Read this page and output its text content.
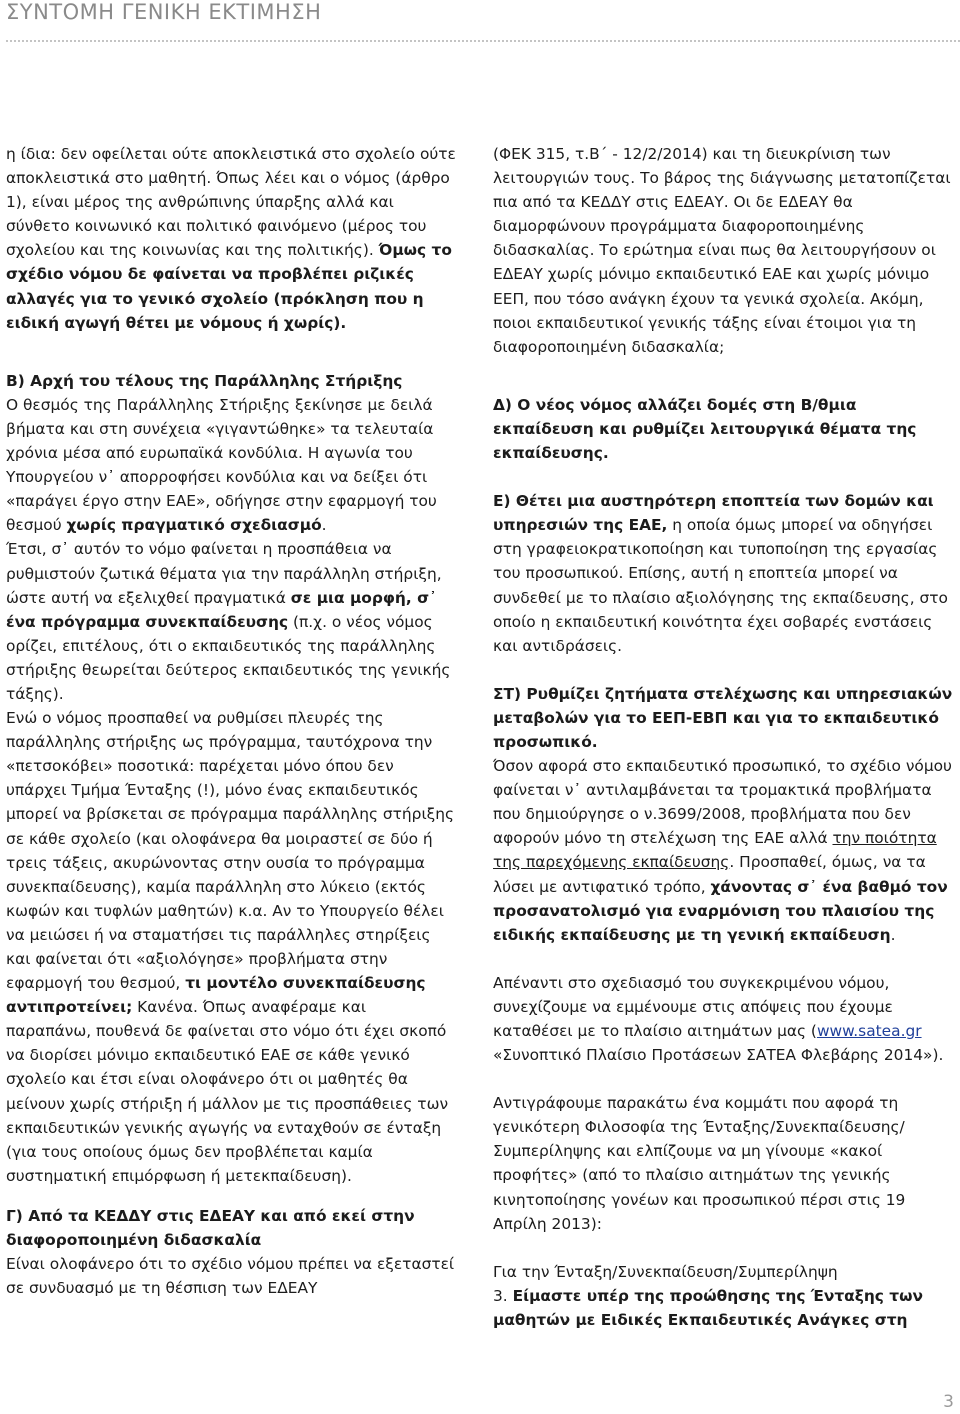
ΣΥΝΤΟΜΗ ΓΕΝΙΚΗ ΕΚΤΙΜΗΣΗ

η ίδια: δεν οφείλεται ούτε αποκλειστικά στο σχολείο ούτε αποκλειστικά στο μαθητή. Όπως λέει και ο νόμος (άρθρο 1), είναι μέρος της ανθρώπινης ύπαρξης αλλά και σύνθετο κοινωνικό και πολιτικό φαινόμενο (μέρος του σχολείου και της κοινωνίας και της πολιτικής). Όμως το σχέδιο νόμου δε φαίνεται να προβλέπει ριζικές αλλαγές για το γενικό σχολείο (πρόκληση που η ειδική αγωγή θέτει με νόμους ή χωρίς).

Β) Αρχή του τέλους της Παράλληλης Στήριξης

Ο θεσμός της Παράλληλης Στήριξης ξεκίνησε με δειλά βήματα και στη συνέχεια «γιγαντώθηκε» τα τελευταία χρόνια μέσα από ευρωπαϊκά κονδύλια. Η αγωνία του Υπουργείου ν᾽ απορροφήσει κονδύλια και να δείξει ότι «παράγει έργο στην ΕΑΕ», οδήγησε στην εφαρμογή του θεσμού χωρίς πραγματικό σχεδιασμό.

Έτσι, σ᾽ αυτόν το νόμο φαίνεται η προσπάθεια να ρυθμιστούν ζωτικά θέματα για την παράλληλη στήριξη, ώστε αυτή να εξελιχθεί πραγματικά σε μια μορφή, σ᾽ ένα πρόγραμμα συνεκπαίδευσης (π.χ. ο νέος νόμος ορίζει, επιτέλους, ότι ο εκπαιδευτικός της παράλληλης στήριξης θεωρείται δεύτερος εκπαιδευτικός της γενικής τάξης).

Ενώ ο νόμος προσπαθεί να ρυθμίσει πλευρές της παράλληλης στήριξης ως πρόγραμμα, ταυτόχρονα την «πετσοκόβει» ποσοτικά: παρέχεται μόνο όπου δεν υπάρχει Τμήμα Ένταξης (!), μόνο ένας εκπαιδευτικός μπορεί να βρίσκεται σε πρόγραμμα παράλληλης στήριξης σε κάθε σχολείο (και ολοφάνερα θα μοιραστεί σε δύο ή τρεις τάξεις, ακυρώνοντας στην ουσία το πρόγραμμα συνεκπαίδευσης), καμία παράλληλη στο λύκειο (εκτός κωφών και τυφλών μαθητών) κ.α. Αν το Υπουργείο θέλει να μειώσει ή να σταματήσει τις παράλληλες στηρίξεις και φαίνεται ότι «αξιολόγησε» προβλήματα στην εφαρμογή του θεσμού, τι μοντέλο συνεκπαίδευσης αντιπροτείνει; Κανένα. Όπως αναφέραμε και παραπάνω, πουθενά δε φαίνεται στο νόμο ότι έχει σκοπό να διορίσει μόνιμο εκπαιδευτικό ΕΑΕ σε κάθε γενικό σχολείο και έτσι είναι ολοφάνερο ότι οι μαθητές θα μείνουν χωρίς στήριξη ή μάλλον με τις προσπάθειες των εκπαιδευτικών γενικής αγωγής να ενταχθούν σε ένταξη (για τους οποίους όμως δεν προβλέπεται καμία συστηματική επιμόρφωση ή μετεκπαίδευση).

Γ) Από τα ΚΕΔΔΥ στις ΕΔΕΑΥ και από εκεί στην διαφοροποιημένη διδασκαλία

Είναι ολοφάνερο ότι το σχέδιο νόμου πρέπει να εξεταστεί σε συνδυασμό με τη θέσπιση των ΕΔΕΑΥ

(ΦΕΚ 315, τ.Β΄ - 12/2/2014) και τη διευκρίνιση των λειτουργιών τους. Το βάρος της διάγνωσης μετατοπίζεται πια από τα ΚΕΔΔΥ στις ΕΔΕΑΥ. Οι δε ΕΔΕΑΥ θα διαμορφώνουν προγράμματα διαφοροποιημένης διδασκαλίας. Το ερώτημα είναι πως θα λειτουργήσουν οι ΕΔΕΑΥ χωρίς μόνιμο εκπαιδευτικό ΕΑΕ και χωρίς μόνιμο ΕΕΠ, που τόσο ανάγκη έχουν τα γενικά σχολεία. Ακόμη, ποιοι εκπαιδευτικοί γενικής τάξης είναι έτοιμοι για τη διαφοροποιημένη διδασκαλία;

Δ) Ο νέος νόμος αλλάζει δομές στη Β/θμια εκπαίδευση και ρυθμίζει λειτουργικά θέματα της εκπαίδευσης.

Ε) Θέτει μια αυστηρότερη εποπτεία των δομών και υπηρεσιών της ΕΑΕ, η οποία όμως μπορεί να οδηγήσει στη γραφειοκρατικοποίηση και τυποποίηση της εργασίας του προσωπικού. Επίσης, αυτή η εποπτεία μπορεί να συνδεθεί με το πλαίσιο αξιολόγησης της εκπαίδευσης, στο οποίο η εκπαιδευτική κοινότητα έχει σοβαρές ενστάσεις και αντιδράσεις.

ΣΤ) Ρυθμίζει ζητήματα στελέχωσης και υπηρεσιακών μεταβολών για το ΕΕΠ-ΕΒΠ και για το εκπαιδευτικό προσωπικό.

Όσον αφορά στο εκπαιδευτικό προσωπικό, το σχέδιο νόμου φαίνεται ν᾽ αντιλαμβάνεται τα τρομακτικά προβλήματα που δημιούργησε ο ν.3699/2008, προβλήματα που δεν αφορούν μόνο τη στελέχωση της ΕΑΕ αλλά την ποιότητα της παρεχόμενης εκπαίδευσης. Προσπαθεί, όμως, να τα λύσει με αντιφατικό τρόπο, χάνοντας σ᾽ ένα βαθμό τον προσανατολισμό για εναρμόνιση του πλαισίου της ειδικής εκπαίδευσης με τη γενική εκπαίδευση.

Απέναντι στο σχεδιασμό του συγκεκριμένου νόμου, συνεχίζουμε να εμμένουμε στις απόψεις που έχουμε καταθέσει με το πλαίσιο αιτημάτων μας (www.satea.gr «Συνοπτικό Πλαίσιο Προτάσεων ΣΑΤΕΑ Φλεβάρης 2014»).

Αντιγράφουμε παρακάτω ένα κομμάτι που αφορά τη γενικότερη Φιλοσοφία της Ένταξης/Συνεκπαίδευσης/ Συμπερίληψης και ελπίζουμε να μη γίνουμε «κακοί προφήτες» (από το πλαίσιο αιτημάτων της γενικής κινητοποίησης γονέων και προσωπικού πέρσι στις 19 Απρίλη 2013):

Για την Ένταξη/Συνεκπαίδευση/Συμπερίληψη

3. Είμαστε υπέρ της προώθησης της Ένταξης των μαθητών με Ειδικές Εκπαιδευτικές Ανάγκες στη

3
